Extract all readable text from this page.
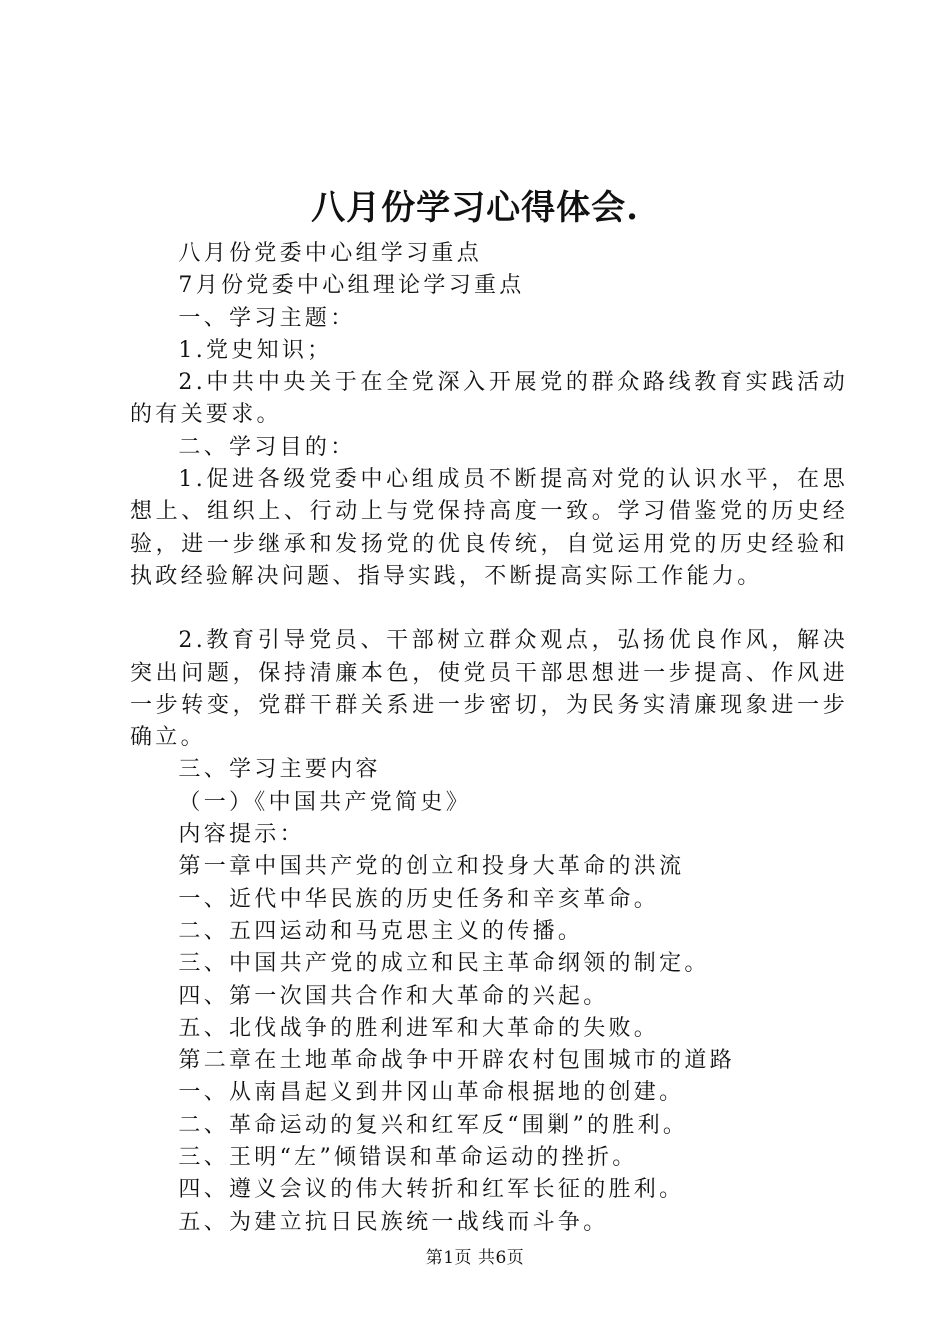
八月份学习心得体会.

八月份党委中心组学习重点

7月份党委中心组理论学习重点

一、学习主题：

1.党史知识；

2.中共中央关于在全党深入开展党的群众路线教育实践活动的有关要求。

二、学习目的：

1.促进各级党委中心组成员不断提高对党的认识水平，在思想上、组织上、行动上与党保持高度一致。学习借鉴党的历史经验，进一步继承和发扬党的优良传统，自觉运用党的历史经验和执政经验解决问题、指导实践，不断提高实际工作能力。

2.教育引导党员、干部树立群众观点，弘扬优良作风，解决突出问题，保持清廉本色，使党员干部思想进一步提高、作风进一步转变，党群干群关系进一步密切，为民务实清廉现象进一步确立。

三、学习主要内容

（一）《中国共产党简史》

内容提示：

第一章中国共产党的创立和投身大革命的洪流

一、近代中华民族的历史任务和辛亥革命。

二、五四运动和马克思主义的传播。

三、中国共产党的成立和民主革命纲领的制定。

四、第一次国共合作和大革命的兴起。

五、北伐战争的胜利进军和大革命的失败。

第二章在土地革命战争中开辟农村包围城市的道路

一、从南昌起义到井冈山革命根据地的创建。

二、革命运动的复兴和红军反“围剿”的胜利。

三、王明“左”倾错误和革命运动的挫折。

四、遵义会议的伟大转折和红军长征的胜利。

五、为建立抗日民族统一战线而斗争。

第1页 共6页
